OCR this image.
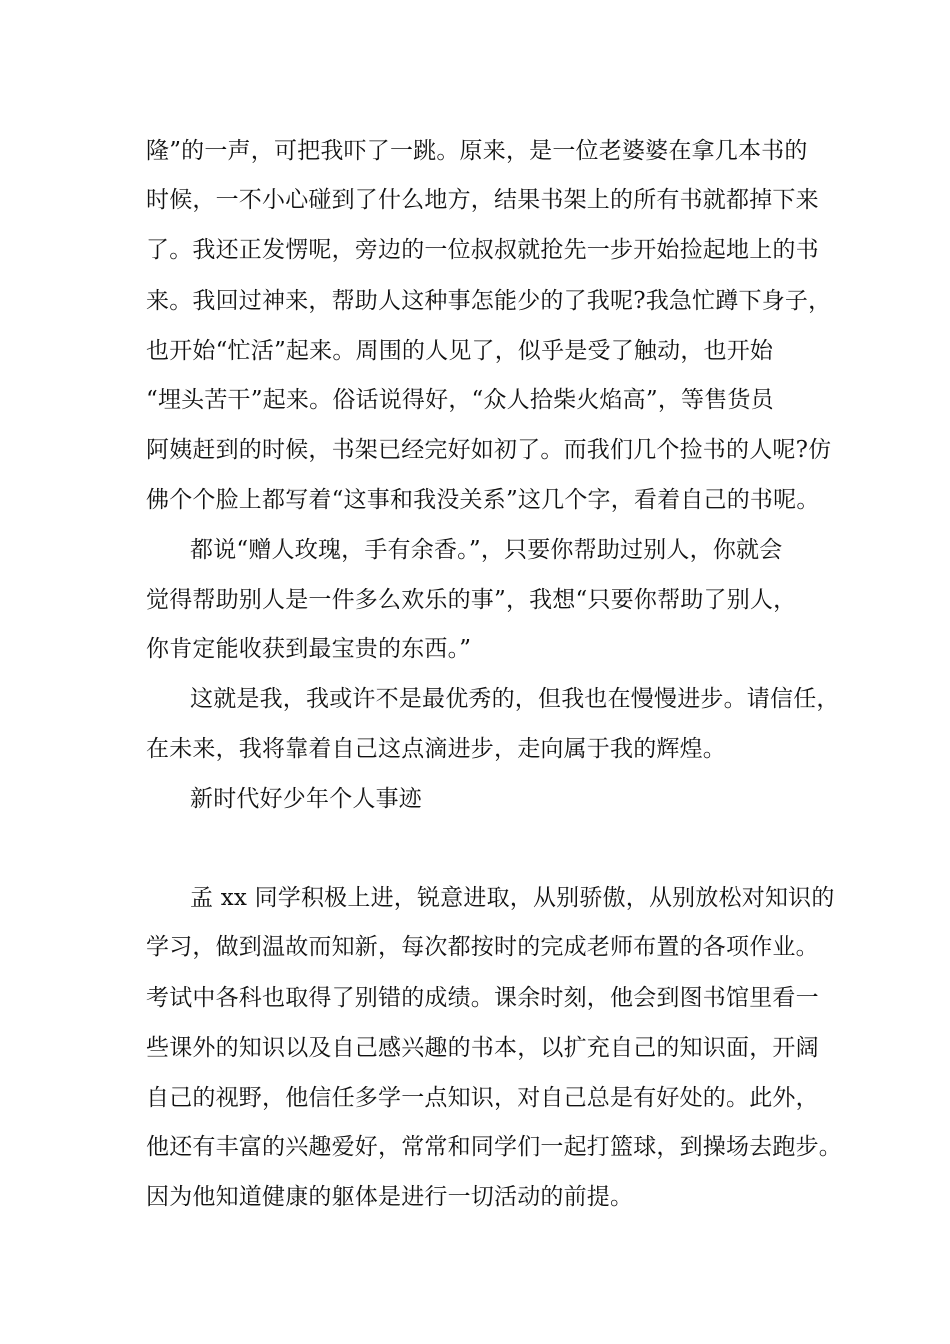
隆”的一声，可把我吓了一跳。原来，是一位老婆婆在拿几本书的
时候，一不小心碰到了什么地方，结果书架上的所有书就都掉下来
了。我还正发愣呢，旁边的一位叔叔就抢先一步开始捡起地上的书
来。我回过神来，帮助人这种事怎能少的了我呢?我急忙蹲下身子，
也开始“忙活”起来。周围的人见了，似乎是受了触动，也开始
“埋头苦干”起来。俗话说得好，“众人拾柴火焰高”，等售货员
阿姨赶到的时候，书架已经完好如初了。而我们几个捡书的人呢?仿
佛个个脸上都写着“这事和我没关系”这几个字，看着自己的书呢。
都说“赠人玫瑰，手有余香。”，只要你帮助过别人，你就会
觉得帮助别人是一件多么欢乐的事”，我想“只要你帮助了别人，
你肯定能收获到最宝贵的东西。”
这就是我，我或许不是最优秀的，但我也在慢慢进步。请信任，
在未来，我将靠着自己这点滴进步，走向属于我的辉煌。
新时代好少年个人事迹
孟 xx 同学积极上进，锐意进取，从别骄傲，从别放松对知识的
学习，做到温故而知新，每次都按时的完成老师布置的各项作业。
考试中各科也取得了别错的成绩。课余时刻，他会到图书馆里看一
些课外的知识以及自己感兴趣的书本，以扩充自己的知识面，开阔
自己的视野，他信任多学一点知识，对自己总是有好处的。此外，
他还有丰富的兴趣爱好，常常和同学们一起打篮球，到操场去跑步。
因为他知道健康的躯体是进行一切活动的前提。
